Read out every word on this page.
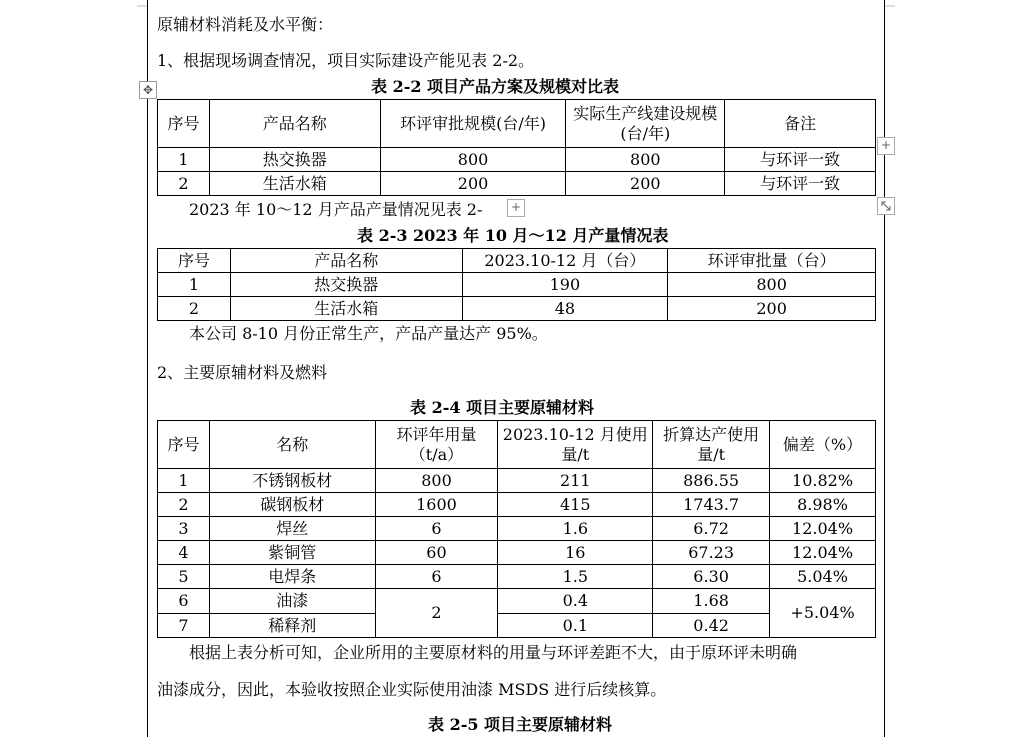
原辅材料消耗及水平衡：
1、根据现场调查情况，项目实际建设产能见表 2-2。
✥	表 2-2 项目产品方案及规模对比表
序号	产品名称	环评审批规模(台/年)	实际生产线建设规模(台/年)	备注
1	热交换器	800	800	与环评一致
2	生活水箱	200	200	与环评一致
+
+
2023 年 10～12 月产品产量情况见表 2-
表 2-3 2023 年 10 月～12 月产量情况表
序号	产品名称	2023.10-12 月（台）	环评审批量（台）
1	热交换器	190	800
2	生活水箱	48	200
本公司 8-10 月份正常生产，产品产量达产 95%。
2、主要原辅材料及燃料
表 2-4 项目主要原辅材料
序号	名称	环评年用量（t/a）	2023.10-12 月使用量/t	折算达产使用量/t	偏差（%）
1	不锈钢板材	800	211	886.55	10.82%
2	碳钢板材	1600	415	1743.7	8.98%
3	焊丝	6	1.6	6.72	12.04%
4	紫铜管	60	16	67.23	12.04%
5	电焊条	6	1.5	6.30	5.04%
6	油漆	2	0.4	1.68	+5.04%
7	稀释剂		0.1	0.42	
根据上表分析可知，企业所用的主要原材料的用量与环评差距不大，由于原环评未明确
油漆成分，因此，本验收按照企业实际使用油漆 MSDS 进行后续核算。
表 2-5 项目主要原辅材料
